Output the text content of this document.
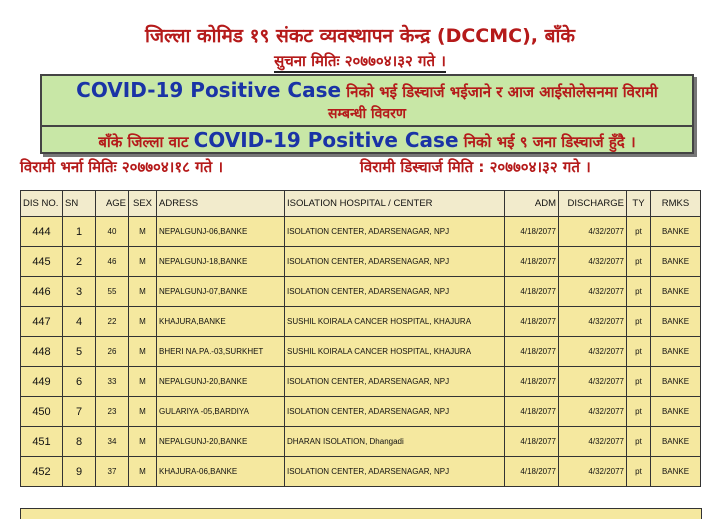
जिल्ला कोमिड १९ संकट व्यवस्थापन केन्द्र (DCCMC), बाँके
सुचना मितिः २०७७०४।३२ गते ।
COVID-19 Positive Case निको भई डिस्चार्ज भईजाने र आज आईसोलेसनमा विरामी
सम्बन्धी विवरण
बाँके जिल्ला वाट COVID-19 Positive Case निको भई ९ जना डिस्चार्ज हुँदै ।
विरामी भर्ना मितिः २०७७०४।१८ गते ।	विरामी डिस्चार्ज मिति : २०७७०४।३२ गते ।
DIS NO.	SN	AGE	SEX	ADRESS	ISOLATION HOSPITAL / CENTER	ADM	DISCHARGE	TY	RMKS
444	1	40	M	NEPALGUNJ-06,BANKE	ISOLATION CENTER, ADARSENAGAR, NPJ	4/18/2077	4/32/2077	pt	BANKE
445	2	46	M	NEPALGUNJ-18,BANKE	ISOLATION CENTER, ADARSENAGAR, NPJ	4/18/2077	4/32/2077	pt	BANKE
446	3	55	M	NEPALGUNJ-07,BANKE	ISOLATION CENTER, ADARSENAGAR, NPJ	4/18/2077	4/32/2077	pt	BANKE
447	4	22	M	KHAJURA,BANKE	SUSHIL KOIRALA CANCER HOSPITAL, KHAJURA	4/18/2077	4/32/2077	pt	BANKE
448	5	26	M	BHERI NA.PA.-03,SURKHET	SUSHIL KOIRALA CANCER HOSPITAL, KHAJURA	4/18/2077	4/32/2077	pt	BANKE
449	6	33	M	NEPALGUNJ-20,BANKE	ISOLATION CENTER, ADARSENAGAR, NPJ	4/18/2077	4/32/2077	pt	BANKE
450	7	23	M	GULARIYA -05,BARDIYA	ISOLATION CENTER, ADARSENAGAR, NPJ	4/18/2077	4/32/2077	pt	BANKE
451	8	34	M	NEPALGUNJ-20,BANKE	DHARAN ISOLATION, Dhangadi	4/18/2077	4/32/2077	pt	BANKE
452	9	37	M	KHAJURA-06,BANKE	ISOLATION CENTER, ADARSENAGAR, NPJ	4/18/2077	4/32/2077	pt	BANKE
